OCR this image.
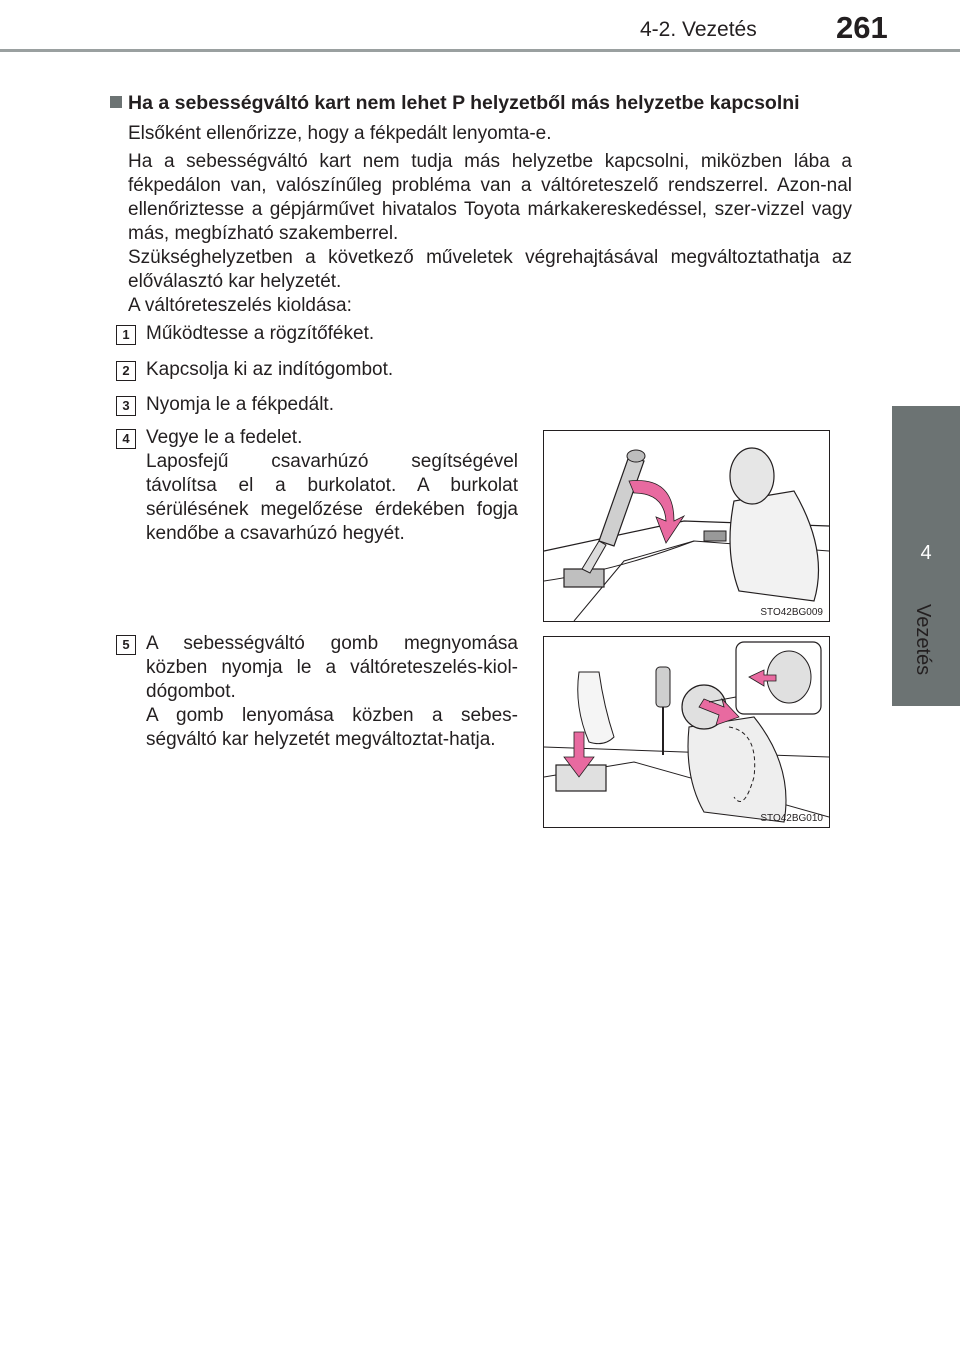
4-2. Vezetés	261
4
Vezetés
Ha a sebességváltó kart nem lehet P helyzetből más helyzetbe kapcsolni
Elsőként ellenőrizze, hogy a fékpedált lenyomta-e.
Ha a sebességváltó kart nem tudja más helyzetbe kapcsolni, miközben lába a fékpedálon van, valószínűleg probléma van a váltóreteszelő rendszerrel. Azon-nal ellenőriztesse a gépjárművet hivatalos Toyota márkakereskedéssel, szer-vizzel vagy más, megbízható szakemberrel.
Szükséghelyzetben a következő műveletek végrehajtásával megváltoztathatja az előválasztó kar helyzetét.
A váltóreteszelés kioldása:
1 Működtesse a rögzítőféket.
2 Kapcsolja ki az indítógombot.
3 Nyomja le a fékpedált.
4 Vegye le a fedelet.
Laposfejű csavarhúzó segítségével távolítsa el a burkolatot. A burkolat sérülésének megelőzése érdekében fogja kendőbe a csavarhúzó hegyét.
5 A sebességváltó gomb megnyomása közben nyomja le a váltóreteszelés-kiol-dógombot.
A gomb lenyomása közben a sebes-ségváltó kar helyzetét megváltoztat-hatja.
STO42BG009
STO42BG010
